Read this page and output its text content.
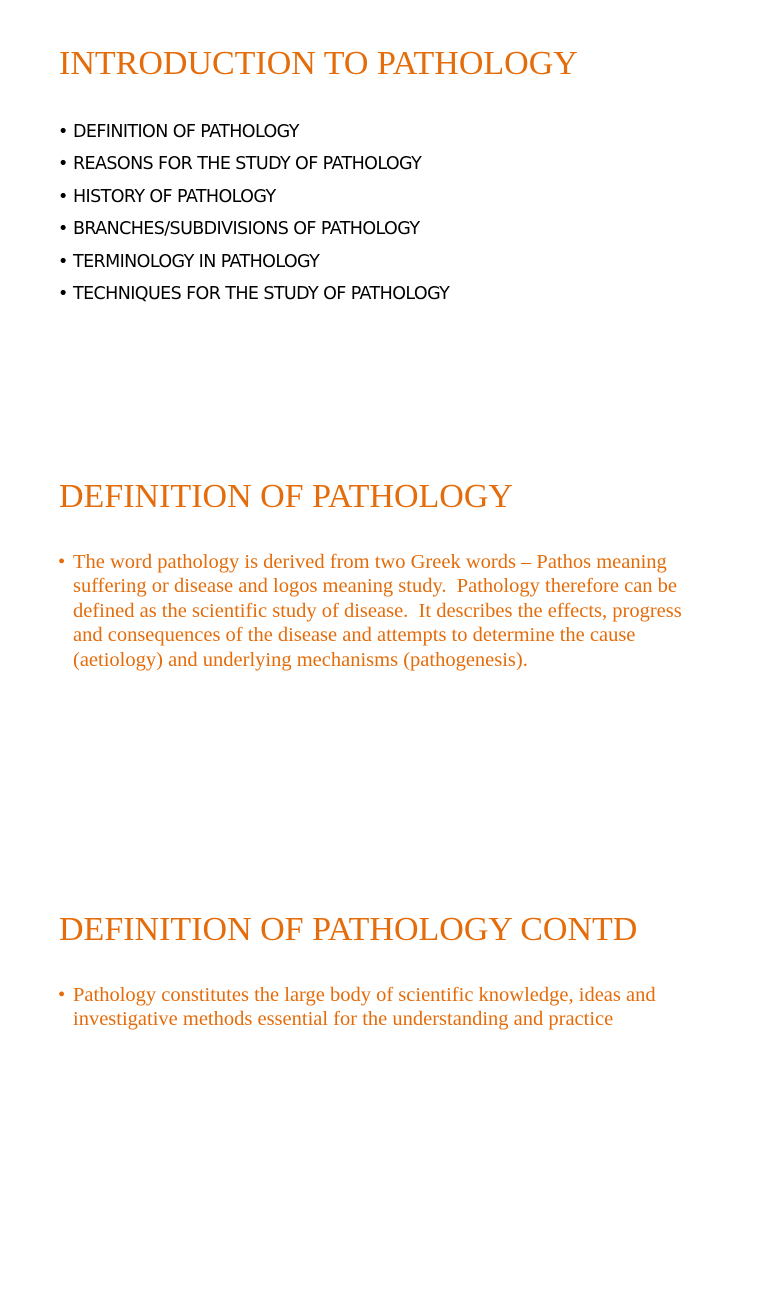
INTRODUCTION TO PATHOLOGY
• DEFINITION OF PATHOLOGY
• REASONS FOR THE STUDY OF PATHOLOGY
• HISTORY OF PATHOLOGY
• BRANCHES/SUBDIVISIONS OF PATHOLOGY
• TERMINOLOGY IN PATHOLOGY
• TECHNIQUES FOR THE STUDY OF PATHOLOGY
DEFINITION OF PATHOLOGY

• The word pathology is derived from two Greek words – Pathos meaning suffering or disease and logos meaning study.  Pathology therefore can be defined as the scientific study of disease.  It describes the effects, progress and consequences of the disease and attempts to determine the cause (aetiology) and underlying mechanisms (pathogenesis).

DEFINITION OF PATHOLOGY CONTD

• Pathology constitutes the large body of scientific knowledge, ideas and investigative methods essential for the understanding and practice
